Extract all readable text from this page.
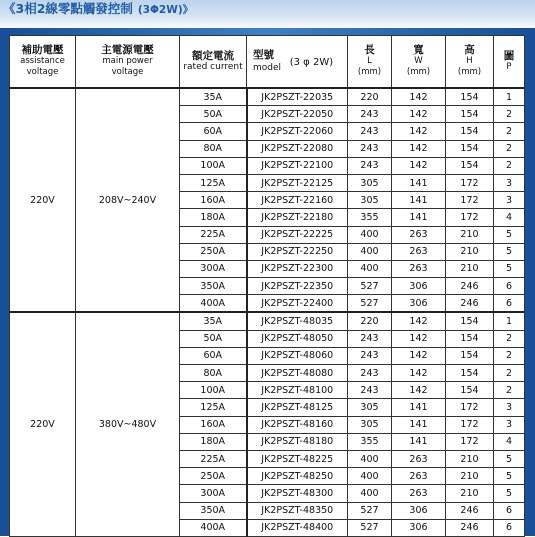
《3相2線零點觸發控制 (3Φ2W)》
補助電壓
assistance
voltage	主電源電壓
main power
voltage	額定電流
rated current	型號
model (3 φ 2W)	長
L
(mm)	寬
W
(mm)	高
H
(mm)	圖
P

220V	208V~240V	35A	JK2PSZT-22035	220	142	154	1
		50A	JK2PSZT-22050	243	142	154	2
		60A	JK2PSZT-22060	243	142	154	2
		80A	JK2PSZT-22080	243	142	154	2
		100A	JK2PSZT-22100	243	142	154	2
		125A	JK2PSZT-22125	305	141	172	3
		160A	JK2PSZT-22160	305	141	172	3
		180A	JK2PSZT-22180	355	141	172	4
		225A	JK2PSZT-22225	400	263	210	5
		250A	JK2PSZT-22250	400	263	210	5
		300A	JK2PSZT-22300	400	263	210	5
		350A	JK2PSZT-22350	527	306	246	6
		400A	JK2PSZT-22400	527	306	246	6
220V	380V~480V	35A	JK2PSZT-48035	220	142	154	1
		50A	JK2PSZT-48050	243	142	154	2
		60A	JK2PSZT-48060	243	142	154	2
		80A	JK2PSZT-48080	243	142	154	2
		100A	JK2PSZT-48100	243	142	154	2
		125A	JK2PSZT-48125	305	141	172	3
		160A	JK2PSZT-48160	305	141	172	3
		180A	JK2PSZT-48180	355	141	172	4
		225A	JK2PSZT-48225	400	263	210	5
		250A	JK2PSZT-48250	400	263	210	5
		300A	JK2PSZT-48300	400	263	210	5
		350A	JK2PSZT-48350	527	306	246	6
		400A	JK2PSZT-48400	527	306	246	6
